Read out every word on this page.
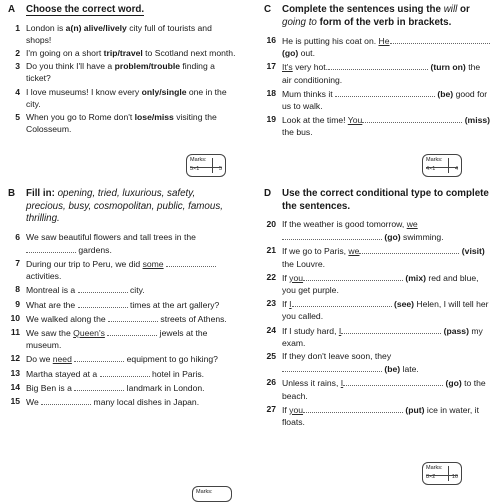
A	Choose the correct word.
1 London is a(n) alive/lively city full of tourists and shops!
2 I'm going on a short trip/travel to Scotland next month.
3 Do you think I'll have a problem/trouble finding a ticket?
4 I love museums! I know every only/single one in the city.
5 When you go to Rome don't lose/miss visiting the Colosseum.
Marks:
5×1	5
B	Fill in: opening, tried, luxurious, safety, precious, busy, cosmopolitan, public, famous, thrilling.
6 We saw beautiful flowers and tall trees in the  gardens.
7 During our trip to Peru, we did some  activities.
8 Montreal is a	city.
9 What are the	times at the art gallery?
10 We walked along the	streets of Athens.
11 We saw the Queen's	jewels at the museum.
12 Do we need	equipment to go hiking?
13 Martha stayed at a	hotel in Paris.
14 Big Ben is a	landmark in London.
15 We	many local dishes in Japan.
Marks:
C	Complete the sentences using the will or going to form of the verb in brackets.
16 He is putting his coat on. He (go) out.
17 It's very hot.	(turn on) the air conditioning.
18 Mum thinks it	(be) good for us to walk.
19 Look at the time! You	(miss) the bus.
Marks:
4×1	4
D	Use the correct conditional type to complete the sentences.
20 If the weather is good tomorrow, we (go) swimming.
21 If we go to Paris, we	(visit) the Louvre.
22 If you	(mix) red and blue, you get purple.
23 If I	(see) Helen, I will tell her you called.
24 If I study hard, I	(pass) my exam.
25 If they don't leave soon, they  (be) late.
26 Unless it rains, I	(go) to the beach.
27 If you	(put) ice in water, it floats.
Marks:
8×2	16
